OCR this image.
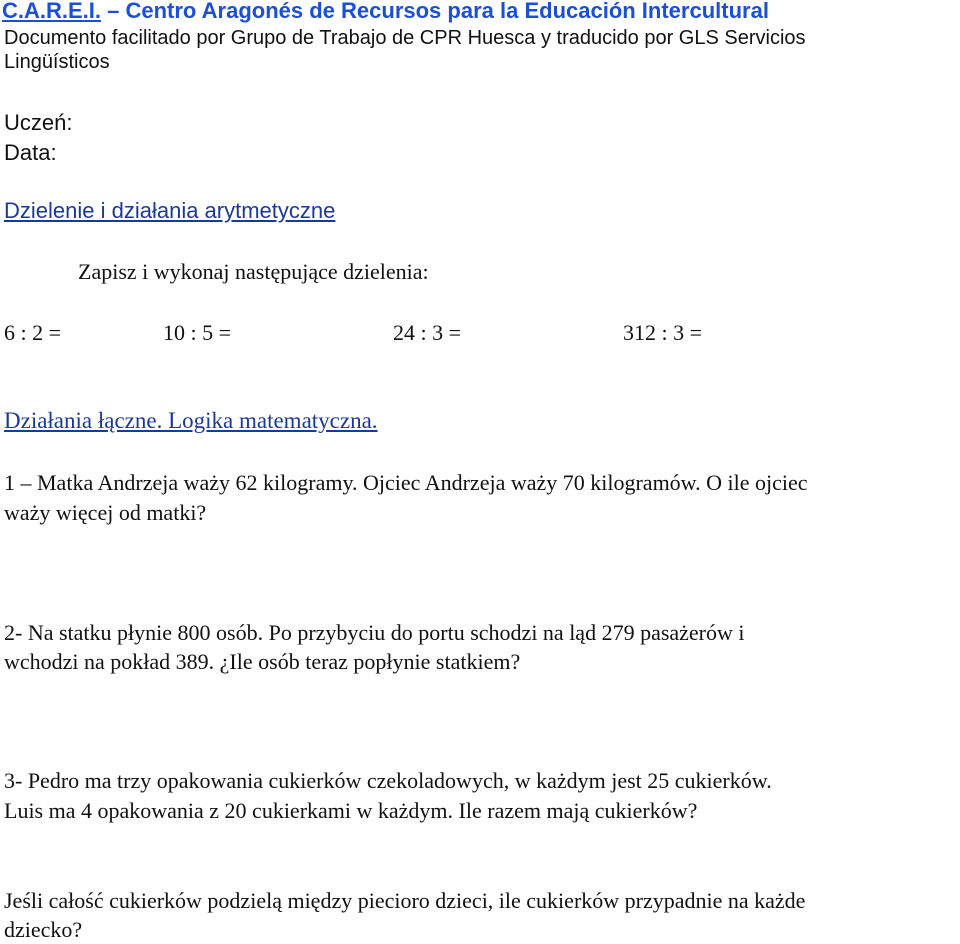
C.A.R.E.I. – Centro Aragonés de Recursos para la Educación Intercultural
Documento facilitado por Grupo de Trabajo de CPR Huesca y traducido por GLS Servicios
Lingüísticos
Uczeń:
Data:
Dzielenie i działania arytmetyczne
Zapisz i wykonaj następujące dzielenia:
6 : 2 =	10 : 5 =	24 : 3 =	312 : 3 =
Działania łączne. Logika matematyczna.
1 – Matka Andrzeja waży 62 kilogramy. Ojciec Andrzeja waży 70 kilogramów. O ile ojciec
waży więcej od matki?
2- Na statku płynie 800 osób. Po przybyciu do portu schodzi na ląd 279 pasażerów i
wchodzi na pokład 389. ¿Ile osób teraz popłynie statkiem?
3- Pedro ma trzy opakowania cukierków czekoladowych, w każdym jest 25 cukierków.
Luis ma 4 opakowania z 20 cukierkami w każdym. Ile razem mają cukierków?
Jeśli całość cukierków podzielą między piecioro dzieci, ile cukierków przypadnie na każde
dziecko?
